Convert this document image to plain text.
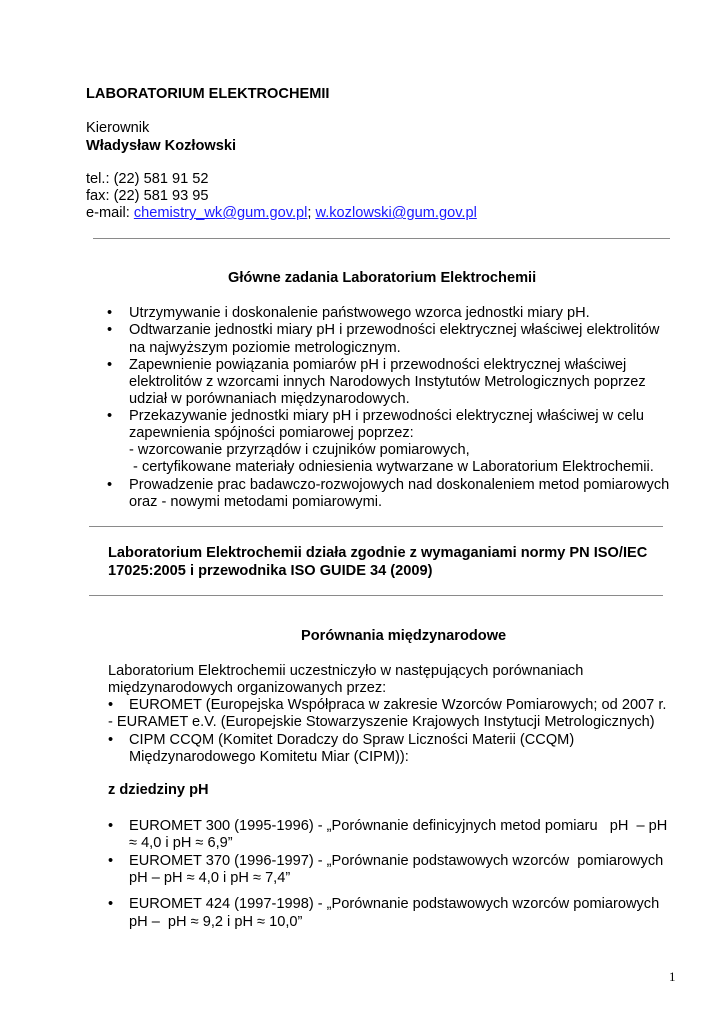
LABORATORIUM ELEKTROCHEMII
Kierownik
Władysław Kozłowski
tel.: (22) 581 91 52
fax: (22) 581 93 95
e-mail: chemistry_wk@gum.gov.pl; w.kozlowski@gum.gov.pl
Główne zadania Laboratorium Elektrochemii
•	Utrzymywanie i doskonalenie państwowego wzorca jednostki miary pH.
•	Odtwarzanie jednostki miary pH i przewodności elektrycznej właściwej elektrolitów
na najwyższym poziomie metrologicznym.
•	Zapewnienie powiązania pomiarów pH i przewodności elektrycznej właściwej
elektrolitów z wzorcami innych Narodowych Instytutów Metrologicznych poprzez
udział w porównaniach międzynarodowych.
•	Przekazywanie jednostki miary pH i przewodności elektrycznej właściwej w celu
zapewnienia spójności pomiarowej poprzez:
- wzorcowanie przyrządów i czujników pomiarowych,
- certyfikowane materiały odniesienia wytwarzane w Laboratorium Elektrochemii.
•	Prowadzenie prac badawczo-rozwojowych nad doskonaleniem metod pomiarowych
oraz - nowymi metodami pomiarowymi.
Laboratorium Elektrochemii działa zgodnie z wymaganiami normy PN ISO/IEC
17025:2005 i przewodnika ISO GUIDE 34 (2009)
Porównania międzynarodowe
Laboratorium Elektrochemii uczestniczyło w następujących porównaniach
międzynarodowych organizowanych przez:
•	EUROMET (Europejska Współpraca w zakresie Wzorców Pomiarowych; od 2007 r.
- EURAMET e.V. (Europejskie Stowarzyszenie Krajowych Instytucji Metrologicznych)
•	CIPM CCQM (Komitet Doradczy do Spraw Liczności Materii (CCQM)
Międzynarodowego Komitetu Miar (CIPM)):
z dziedziny pH
•	EUROMET 300 (1995-1996) - „Porównanie definicyjnych metod pomiaru   pH  – pH
≈ 4,0 i pH ≈ 6,9”
•	EUROMET 370 (1996-1997) - „Porównanie podstawowych wzorców  pomiarowych
pH – pH ≈ 4,0 i pH ≈ 7,4”
•	EUROMET 424 (1997-1998) - „Porównanie podstawowych wzorców pomiarowych
pH –  pH ≈ 9,2 i pH ≈ 10,0”
1
